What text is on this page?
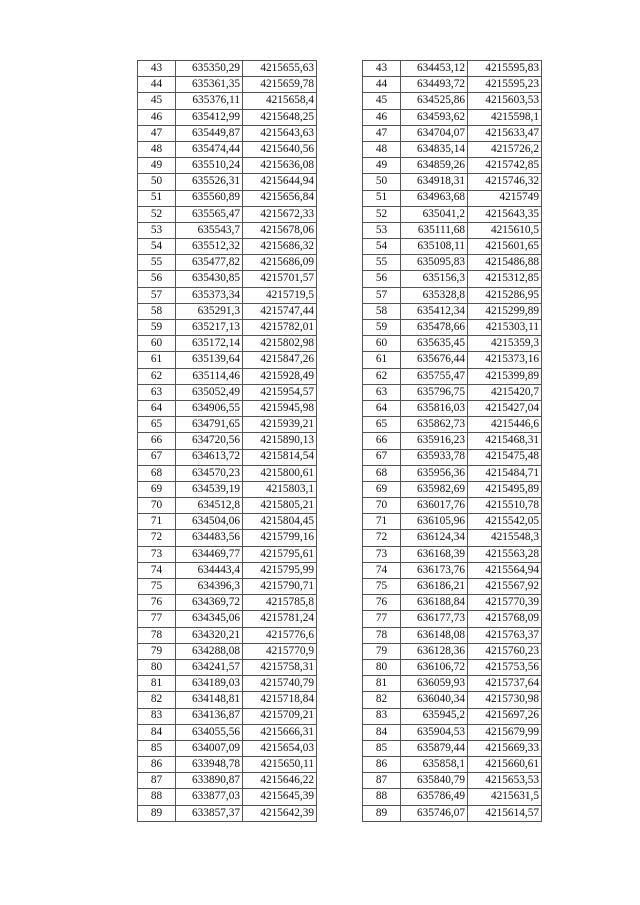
43	635350,29	4215655,63
44	635361,35	4215659,78
45	635376,11	4215658,4
46	635412,99	4215648,25
47	635449,87	4215643,63
48	635474,44	4215640,56
49	635510,24	4215636,08
50	635526,31	4215644,94
51	635560,89	4215656,84
52	635565,47	4215672,33
53	635543,7	4215678,06
54	635512,32	4215686,32
55	635477,82	4215686,09
56	635430,85	4215701,57
57	635373,34	4215719,5
58	635291,3	4215747,44
59	635217,13	4215782,01
60	635172,14	4215802,98
61	635139,64	4215847,26
62	635114,46	4215928,49
63	635052,49	4215954,57
64	634906,55	4215945,98
65	634791,65	4215939,21
66	634720,56	4215890,13
67	634613,72	4215814,54
68	634570,23	4215800,61
69	634539,19	4215803,1
70	634512,8	4215805,21
71	634504,06	4215804,45
72	634483,56	4215799,16
73	634469,77	4215795,61
74	634443,4	4215795,99
75	634396,3	4215790,71
76	634369,72	4215785,8
77	634345,06	4215781,24
78	634320,21	4215776,6
79	634288,08	4215770,9
80	634241,57	4215758,31
81	634189,03	4215740,79
82	634148,81	4215718,84
83	634136,87	4215709,21
84	634055,56	4215666,31
85	634007,09	4215654,03
86	633948,78	4215650,11
87	633890,87	4215646,22
88	633877,03	4215645,39
89	633857,37	4215642,39
43	634453,12	4215595,83
44	634493,72	4215595,23
45	634525,86	4215603,53
46	634593,62	4215598,1
47	634704,07	4215633,47
48	634835,14	4215726,2
49	634859,26	4215742,85
50	634918,31	4215746,32
51	634963,68	4215749
52	635041,2	4215643,35
53	635111,68	4215610,5
54	635108,11	4215601,65
55	635095,83	4215486,88
56	635156,3	4215312,85
57	635328,8	4215286,95
58	635412,34	4215299,89
59	635478,66	4215303,11
60	635635,45	4215359,3
61	635676,44	4215373,16
62	635755,47	4215399,89
63	635796,75	4215420,7
64	635816,03	4215427,04
65	635862,73	4215446,6
66	635916,23	4215468,31
67	635933,78	4215475,48
68	635956,36	4215484,71
69	635982,69	4215495,89
70	636017,76	4215510,78
71	636105,96	4215542,05
72	636124,34	4215548,3
73	636168,39	4215563,28
74	636173,76	4215564,94
75	636186,21	4215567,92
76	636188,84	4215770,39
77	636177,73	4215768,09
78	636148,08	4215763,37
79	636128,36	4215760,23
80	636106,72	4215753,56
81	636059,93	4215737,64
82	636040,34	4215730,98
83	635945,2	4215697,26
84	635904,53	4215679,99
85	635879,44	4215669,33
86	635858,1	4215660,61
87	635840,79	4215653,53
88	635786,49	4215631,5
89	635746,07	4215614,57
